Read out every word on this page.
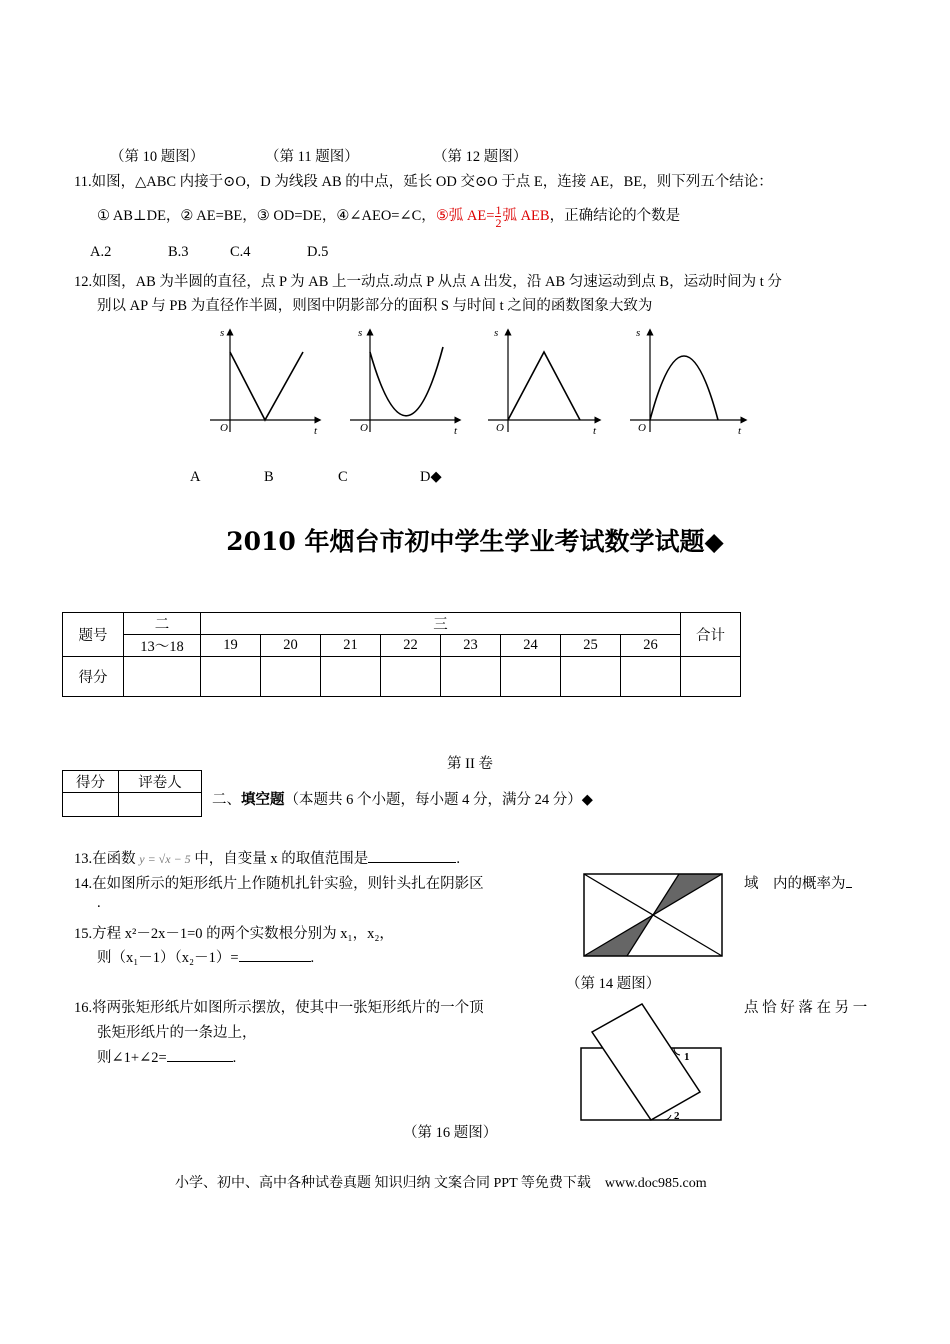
（第 10 题图）	（第 11 题图）	（第 12 题图）
11.如图，△ABC 内接于⊙O，D 为线段 AB 的中点，延长 OD 交⊙O 于点 E，连接 AE，BE，则下列五个结论：
① AB⊥DE，② AE=BE，③ OD=DE，④∠AEO=∠C，⑤弧 $AE= \frac{1}{2}$ 弧 AEB，正确结论的个数是
A.2	B.3	C.4	D.5
12.如图，AB 为半圆的直径，点 P 为 AB 上一动点.动点 P 从点 A 出发，沿 AB 匀速运动到点 B，运动时间为 t 分
别以 AP 与 PB 为直径作半圆，则图中阴影部分的面积 S 与时间 t 之间的函数图象大致为
s
O	t
s
O	t
s
O	t
s
O	t
A	B	C	D◆
2010 年烟台市初中学生学业考试数学试题◆
题号	二	三								合计
	13～18	19	20	21	22	23	24	25	26	
得分										
第 II 卷
得分	评卷人

二、填空题（本题共 6 个小题，每小题 4 分，满分 24 分）◆
13.在函数 y = √x − 5 中，自变量 x 的取值范围是	.
14.在如图所示的矩形纸片上作随机扎针实验，则针头扎在阴影区	域　内的概率为
.
15.方程 x²－2x－1=0 的两个实数根分别为 x₁，x₂，
则（x₁－1）（x₂－1）=	.
（第 14 题图）
16.将两张矩形纸片如图所示摆放，使其中一张矩形纸片的一个顶	点 恰 好 落 在 另 一
张矩形纸片的一条边上，
则∠1+∠2=	.	1
2
（第 16 题图）
小学、初中、高中各种试卷真题 知识归纳 文案合同 PPT 等免费下载　www.doc985.com
